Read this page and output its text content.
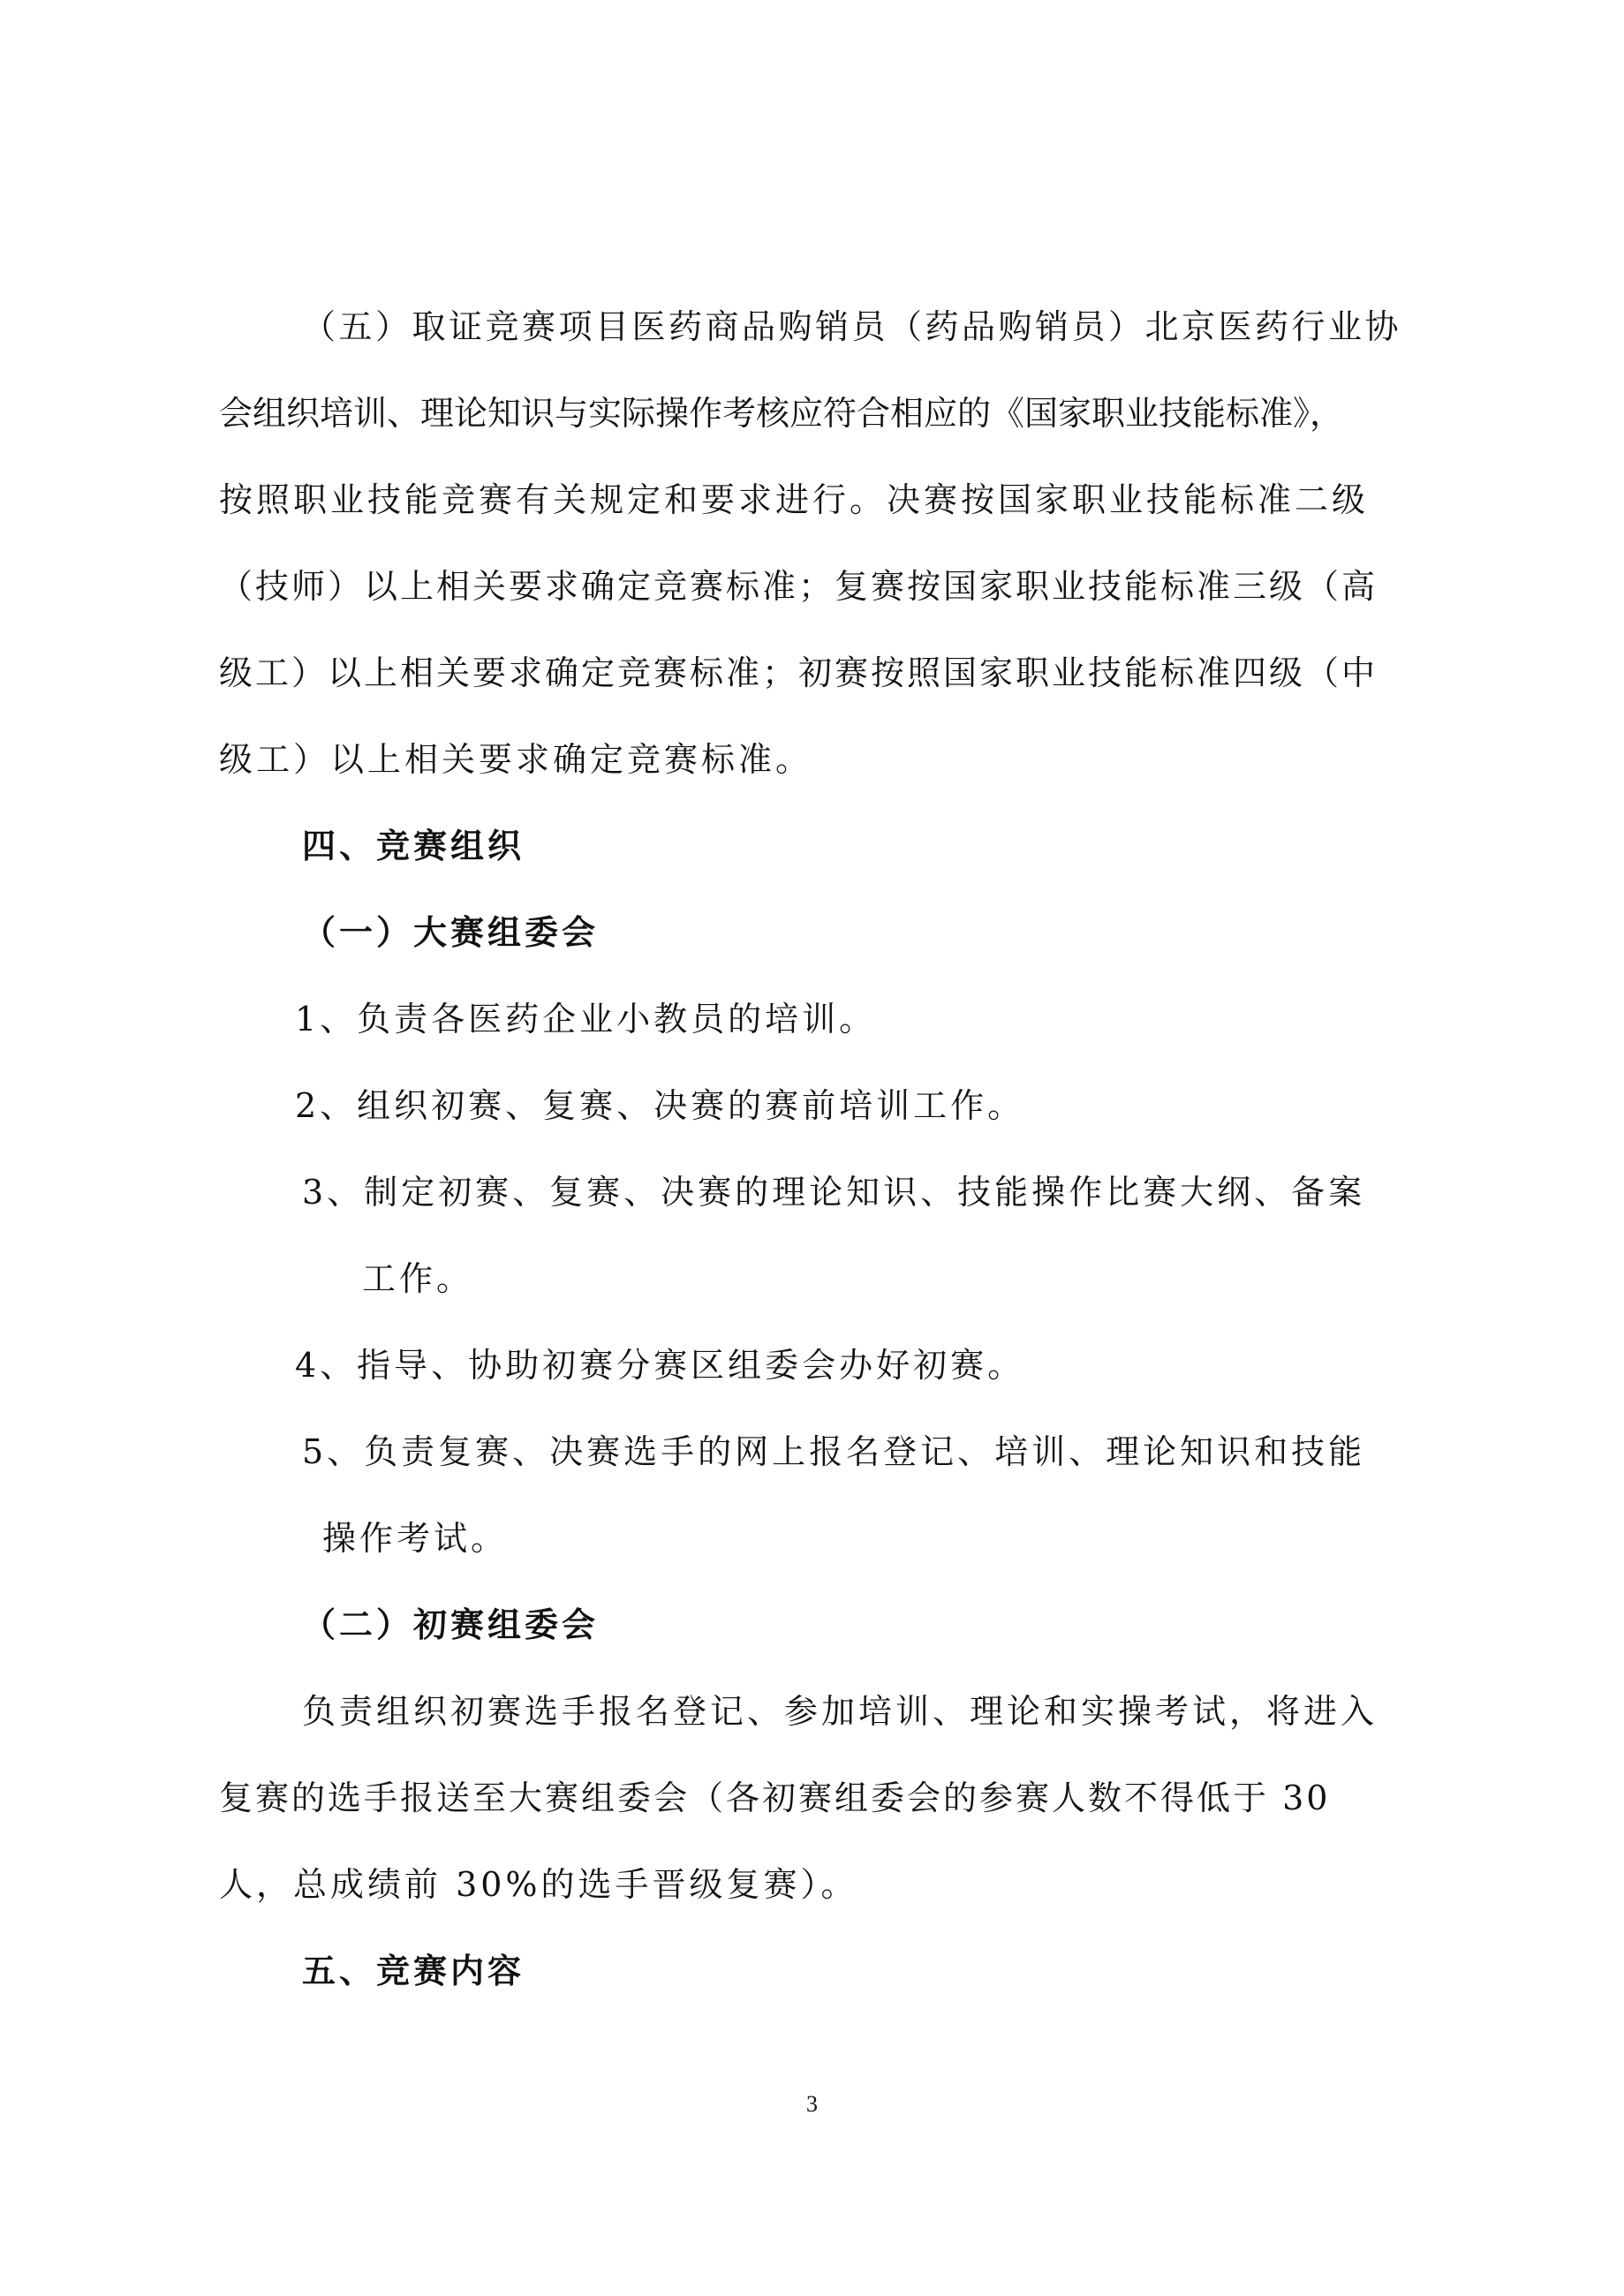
（五）取证竞赛项目医药商品购销员（药品购销员）北京医药行业协
会组织培训、理论知识与实际操作考核应符合相应的《国家职业技能标准》，
按照职业技能竞赛有关规定和要求进行。决赛按国家职业技能标准二级
（技师）以上相关要求确定竞赛标准；复赛按国家职业技能标准三级（高
级工）以上相关要求确定竞赛标准；初赛按照国家职业技能标准四级（中
级工）以上相关要求确定竞赛标准。
四、竞赛组织
（一）大赛组委会
1、负责各医药企业小教员的培训。
2、组织初赛、复赛、决赛的赛前培训工作。
3、制定初赛、复赛、决赛的理论知识、技能操作比赛大纲、备案
工作。
4、指导、协助初赛分赛区组委会办好初赛。
5、负责复赛、决赛选手的网上报名登记、培训、理论知识和技能
操作考试。
（二）初赛组委会
负责组织初赛选手报名登记、参加培训、理论和实操考试，将进入
复赛的选手报送至大赛组委会（各初赛组委会的参赛人数不得低于 30
人，总成绩前 30%的选手晋级复赛）。
五、竞赛内容
3
